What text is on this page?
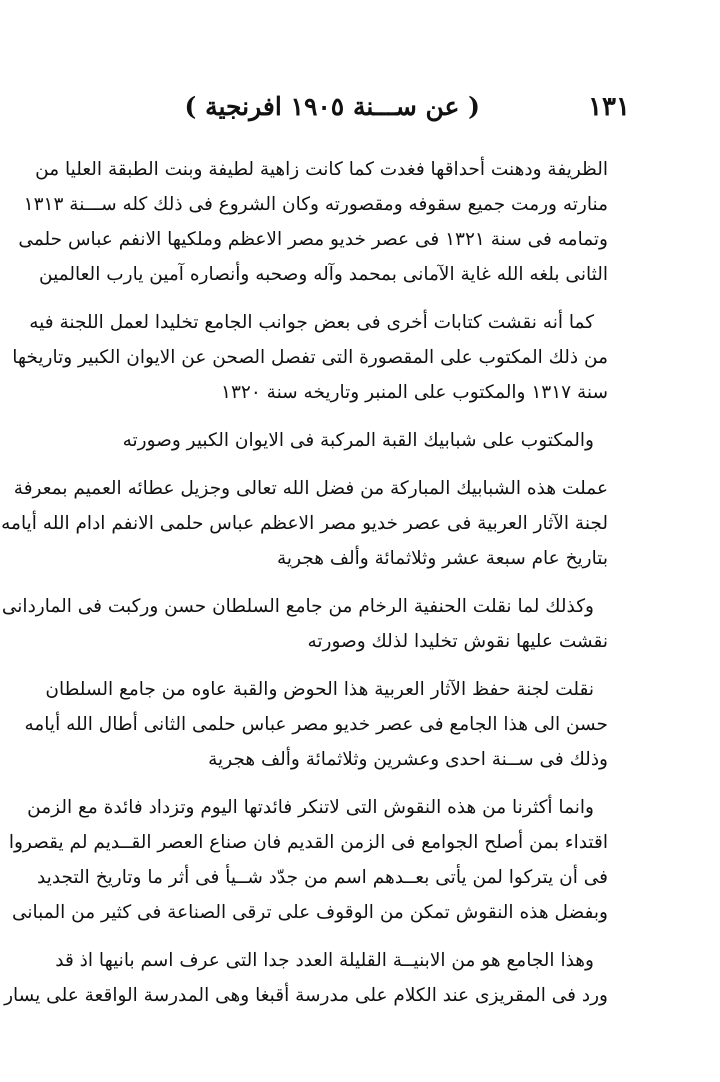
١٣١
( عن ســـنة ١٩٠٥ افرنجية )
الظريفة ودهنت أحداقها فغدت كما كانت زاهية لطيفة وبنت الطبقة العليا من
منارته ورمت جميع سقوفه ومقصورته وكان الشروع فى ذلك كله ســـنة ١٣١٣
وتمامه فى سنة ١٣٢١ فى عصر خديو مصر الاعظم وملكيها الانفم عباس حلمى
الثانى بلغه الله غاية الآمانى بمحمد وآله وصحبه وأنصاره آمين يارب العالمين
كما أنه نقشت كتابات أخرى فى بعض جوانب الجامع تخليدا لعمل اللجنة فيه
من ذلك المكتوب على المقصورة التى تفصل الصحن عن الايوان الكبير وتاريخها
سنة ١٣١٧ والمكتوب على المنبر وتاريخه سنة ١٣٢٠
والمكتوب على شبابيك القبة المركبة فى الايوان الكبير وصورته
عملت هذه الشبابيك المباركة من فضل الله تعالى وجزيل عطائه العميم بمعرفة
لجنة الآثار العربية فى عصر خديو مصر الاعظم عباس حلمى الانفم ادام الله أيامه
بتاريخ عام سبعة عشر وثلاثمائة وألف هجرية
وكذلك لما نقلت الحنفية الرخام من جامع السلطان حسن وركبت فى الماردانى
نقشت عليها نقوش تخليدا لذلك وصورته
نقلت لجنة حفظ الآثار العربية هذا الحوض والقبة عاوه من جامع السلطان
حسن الى هذا الجامع فى عصر خديو مصر عباس حلمى الثانى أطال الله أيامه
وذلك فى ســنة احدى وعشرين وثلاثمائة وألف هجرية
وانما أكثرنا من هذه النقوش التى لاتنكر فائدتها اليوم وتزداد فائدة مع الزمن
اقتداء بمن أصلح الجوامع فى الزمن القديم فان صناع العصر القــديم لم يقصروا
فى أن يتركوا لمن يأتى بعــدهم اسم من جدّد شــيأ فى أثر ما وتاريخ التجديد
وبفضل هذه النقوش تمكن من الوقوف على ترقى الصناعة فى كثير من المبانى
وهذا الجامع هو من الابنيــة القليلة العدد جدا التى عرف اسم بانيها اذ قد
ورد فى المقريزى عند الكلام على مدرسة أقبغا وهى المدرسة الواقعة على يسار
